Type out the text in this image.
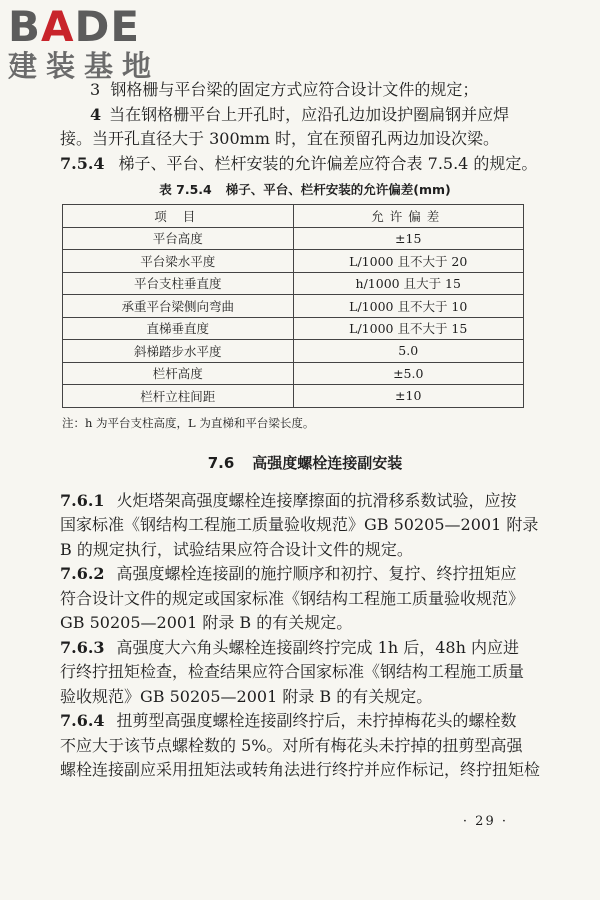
BADE
建装基地
3 钢格栅与平台梁的固定方式应符合设计文件的规定；
4 当在钢格栅平台上开孔时，应沿孔边加设护圈扁钢并应焊
接。当开孔直径大于 300mm 时，宜在预留孔两边加设次梁。
7.5.4 梯子、平台、栏杆安装的允许偏差应符合表 7.5.4 的规定。
表 7.5.4 梯子、平台、栏杆安装的允许偏差(mm)
项 目	允许偏差
平台高度	±15
平台梁水平度	L/1000 且不大于 20
平台支柱垂直度	h/1000 且大于 15
承重平台梁侧向弯曲	L/1000 且不大于 10
直梯垂直度	L/1000 且不大于 15
斜梯踏步水平度	5.0
栏杆高度	±5.0
栏杆立柱间距	±10
注：h 为平台支柱高度，L 为直梯和平台梁长度。
7.6 高强度螺栓连接副安装
7.6.1 火炬塔架高强度螺栓连接摩擦面的抗滑移系数试验，应按
国家标准《钢结构工程施工质量验收规范》GB 50205—2001 附录
B 的规定执行，试验结果应符合设计文件的规定。
7.6.2 高强度螺栓连接副的施拧顺序和初拧、复拧、终拧扭矩应
符合设计文件的规定或国家标准《钢结构工程施工质量验收规范》
GB 50205—2001 附录 B 的有关规定。
7.6.3 高强度大六角头螺栓连接副终拧完成 1h 后，48h 内应进
行终拧扭矩检查，检查结果应符合国家标准《钢结构工程施工质量
验收规范》GB 50205—2001 附录 B 的有关规定。
7.6.4 扭剪型高强度螺栓连接副终拧后，未拧掉梅花头的螺栓数
不应大于该节点螺栓数的 5%。对所有梅花头未拧掉的扭剪型高强
螺栓连接副应采用扭矩法或转角法进行终拧并应作标记，终拧扭矩检
· 29 ·
